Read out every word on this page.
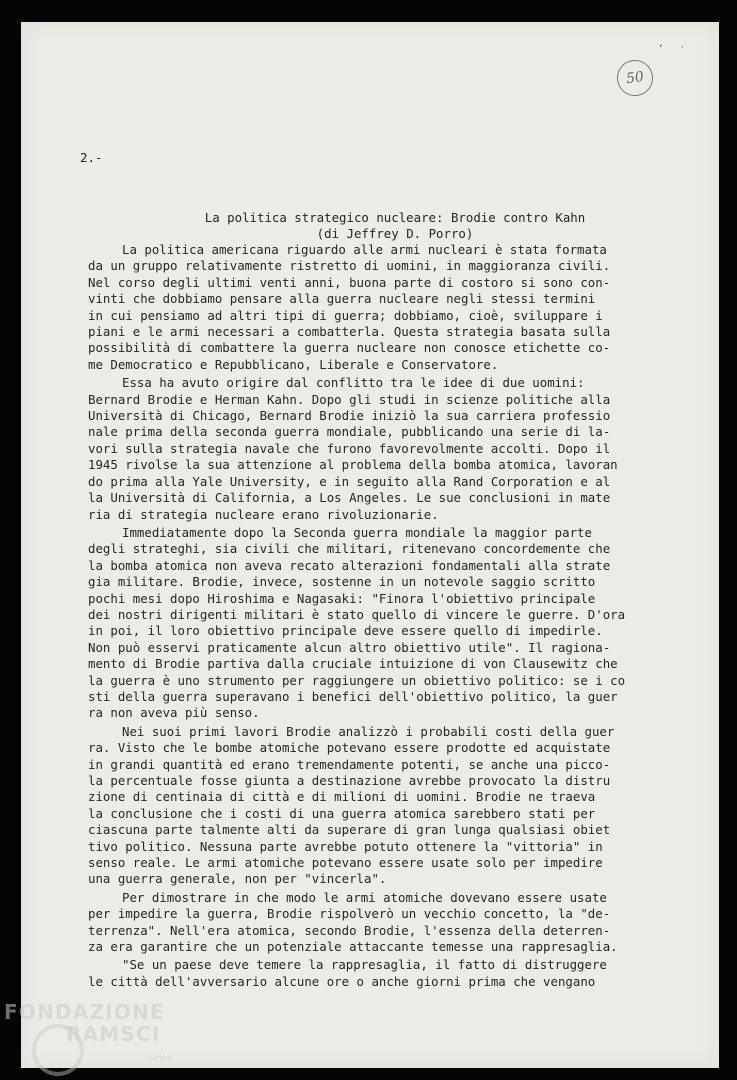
50
ʼ   ˑ
2.-
La politica strategico nucleare: Brodie contro Kahn
(di Jeffrey D. Porro)
La politica americana riguardo alle armi nucleari è stata formata
da un gruppo relativamente ristretto di uomini, in maggioranza civili.
Nel corso degli ultimi venti anni, buona parte di costoro si sono con-
vinti che dobbiamo pensare alla guerra nucleare negli stessi termini
in cui pensiamo ad altri tipi di guerra; dobbiamo, cioè, sviluppare i
piani e le armi necessari a combatterla. Questa strategia basata sulla
possibilità di combattere la guerra nucleare non conosce etichette co-
me Democratico e Repubblicano, Liberale e Conservatore.
Essa ha avuto origire dal conflitto tra le idee di due uomini:
Bernard Brodie e Herman Kahn. Dopo gli studi in scienze politiche alla
Università di Chicago, Bernard Brodie iniziò la sua carriera professio
nale prima della seconda guerra mondiale, pubblicando una serie di la-
vori sulla strategia navale che furono favorevolmente accolti. Dopo il
1945 rivolse la sua attenzione al problema della bomba atomica, lavoran
do prima alla Yale University, e in seguito alla Rand Corporation e al
la Università di California, a Los Angeles. Le sue conclusioni in mate
ria di strategia nucleare erano rivoluzionarie.
Immediatamente dopo la Seconda guerra mondiale la maggior parte
degli strateghi, sia civili che militari, ritenevano concordemente che
la bomba atomica non aveva recato alterazioni fondamentali alla strate
gia militare. Brodie, invece, sostenne in un notevole saggio scritto
pochi mesi dopo Hiroshima e Nagasaki: "Finora l'obiettivo principale
dei nostri dirigenti militari è stato quello di vincere le guerre. D'ora
in poi, il loro obiettivo principale deve essere quello di impedirle.
Non può esservi praticamente alcun altro obiettivo utile". Il ragiona-
mento di Brodie partiva dalla cruciale intuizione di von Clausewitz che
la guerra è uno strumento per raggiungere un obiettivo politico: se i co
sti della guerra superavano i benefici dell'obiettivo politico, la guer
ra non aveva più senso.
Nei suoi primi lavori Brodie analizzò i probabili costi della guer
ra. Visto che le bombe atomiche potevano essere prodotte ed acquistate
in grandi quantità ed erano tremendamente potenti, se anche una picco-
la percentuale fosse giunta a destinazione avrebbe provocato la distru
zione di centinaia di città e di milioni di uomini. Brodie ne traeva
la conclusione che i costi di una guerra atomica sarebbero stati per
ciascuna parte talmente alti da superare di gran lunga qualsiasi obiet
tivo politico. Nessuna parte avrebbe potuto ottenere la "vittoria" in
senso reale. Le armi atomiche potevano essere usate solo per impedire
una guerra generale, non per "vincerla".
Per dimostrare in che modo le armi atomiche dovevano essere usate
per impedire la guerra, Brodie rispolverò un vecchio concetto, la "de-
terrenza". Nell'era atomica, secondo Brodie, l'essenza della deterren-
za era garantire che un potenziale attaccante temesse una rappresaglia.
"Se un paese deve temere la rappresaglia, il fatto di distruggere
le città dell'avversario alcune ore o anche giorni prima che vengano
FONDAZIONE
RAMSCI
onlus
